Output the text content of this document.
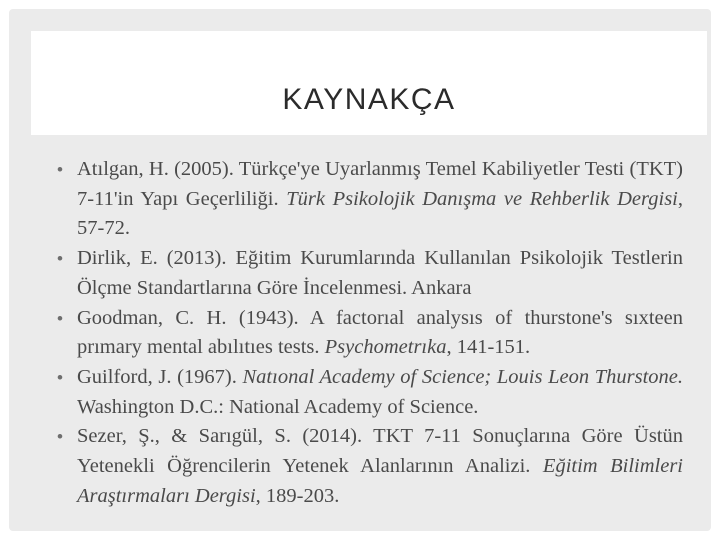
KAYNAKÇA

• Atılgan, H. (2005). Türkçe'ye Uyarlanmış Temel Kabiliyetler Testi (TKT) 7-11'in Yapı Geçerliliği. Türk Psikolojik Danışma ve Rehberlik Dergisi, 57-72.

• Dirlik, E. (2013). Eğitim Kurumlarında Kullanılan Psikolojik Testlerin Ölçme Standartlarına Göre İncelenmesi. Ankara

• Goodman, C. H. (1943). A factorıal analysıs of thurstone's sıxteen prımary mental abılıtıes tests. Psychometrıka, 141-151.

• Guilford, J. (1967). Natıonal Academy of Science; Louis Leon Thurstone. Washington D.C.: National Academy of Science.

• Sezer, Ş., & Sarıgül, S. (2014). TKT 7-11 Sonuçlarına Göre Üstün Yetenekli Öğrencilerin Yetenek Alanlarının Analizi. Eğitim Bilimleri Araştırmaları Dergisi, 189-203.
